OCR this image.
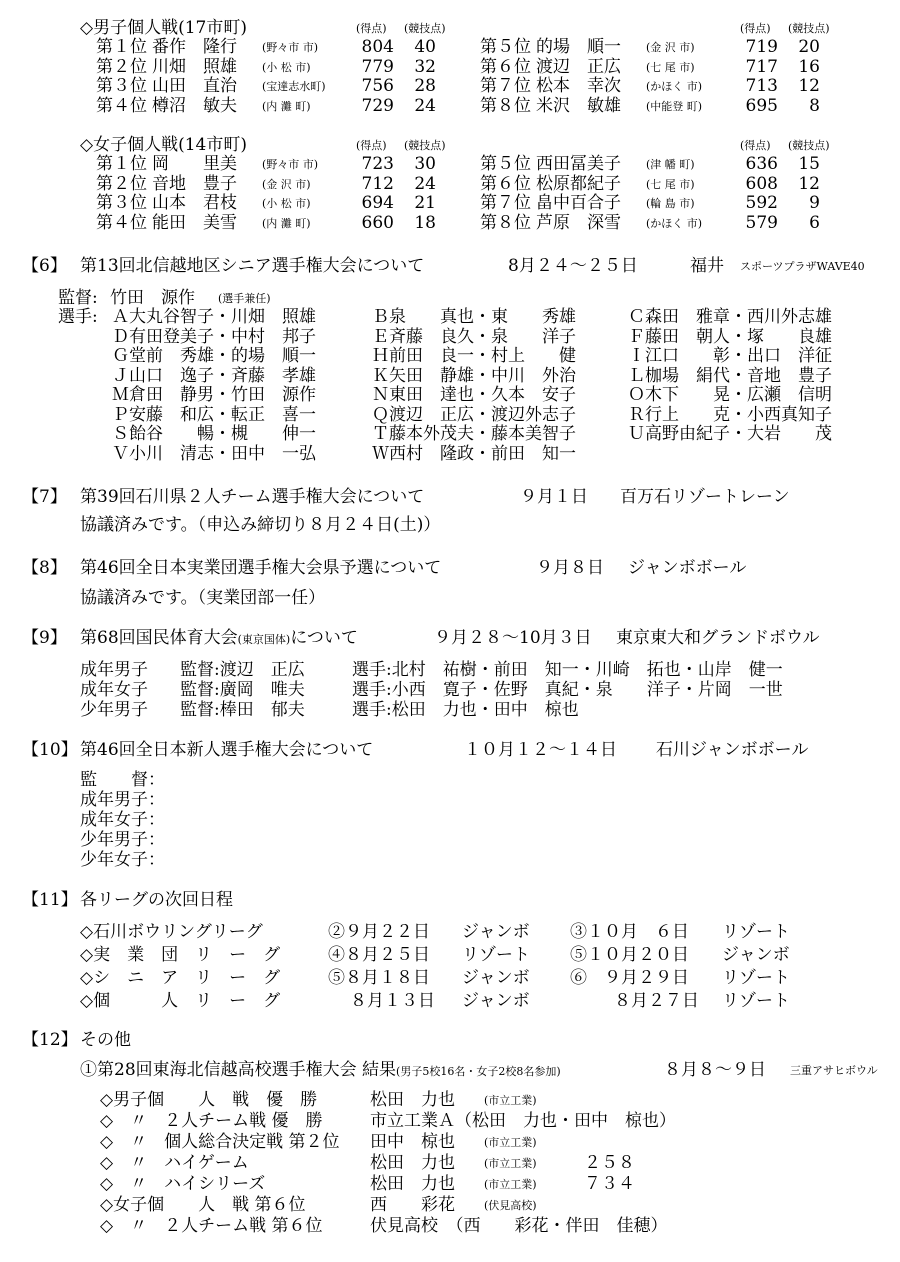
◇男子個人戦(17市町)	(得点) (競技点)	(得点) (競技点)
第１位 番作　隆行 (野々市 市)	804	40
第２位 川畑　照雄 (小 松 市)	779	32
第３位 山田　直治 (宝達志水町)	756	28
第４位 樽沼　敏夫 (内 灘 町)	729	24
第５位 的場　順一 (金 沢 市)	719	20
第６位 渡辺　正広 (七 尾 市)	717	16
第７位 松本　幸次 (かほく 市)	713	12
第８位 米沢　敏雄 (中能登 町)	695	8
◇女子個人戦(14市町)	(得点) (競技点)	(得点) (競技点)
第１位 岡　　里美 (野々市 市)	723	30
第２位 音地　豊子 (金 沢 市)	712	24
第３位 山本　君枝 (小 松 市)	694	21
第４位 能田　美雪 (内 灘 町)	660	18
第５位 西田冨美子 (津 幡 町)	636	15
第６位 松原都紀子 (七 尾 市)	608	12
第７位 畠中百合子 (輪 島 市)	592	9
第８位 芦原　深雪 (かほく 市)	579	6
【6】 第13回北信越地区シニア選手権大会について	8月２４～２５日	福井 スポーツプラザWAVE40
監督: 竹田　源作 (選手兼任)
選手: Ａ大丸谷智子・川畑　照雄	Ｂ泉　　真也・東　　秀雄	Ｃ森田　雅章・西川外志雄
Ｄ有田登美子・中村　邦子	Ｅ斉藤　良久・泉　　洋子	Ｆ藤田　朝人・塚　　良雄
Ｇ堂前　秀雄・的場　順一	Ｈ前田　良一・村上　　健	Ｉ江口　　彰・出口　洋征
Ｊ山口　逸子・斉藤　孝雄	Ｋ矢田　静雄・中川　外治	Ｌ枷場　絹代・音地　豊子
Ｍ倉田　静男・竹田　源作	Ｎ東田　達也・久本　安子	Ｏ木下　　晃・広瀬　信明
Ｐ安藤　和広・転正　喜一	Ｑ渡辺　正広・渡辺外志子	Ｒ行上　　克・小西真知子
Ｓ飴谷　　暢・槻　　伸一	Ｔ藤本外茂夫・藤本美智子	Ｕ高野由紀子・大岩　　茂
Ｖ小川　清志・田中　一弘	Ｗ西村　隆政・前田　知一
【7】 第39回石川県２人チーム選手権大会について	９月１日 百万石リゾートレーン
協議済みです。（申込み締切り８月２４日(土)）
【8】 第46回全日本実業団選手権大会県予選について	９月８日 ジャンボボール
協議済みです。（実業団部一任）
【9】 第68回国民体育大会(東京国体)について	９月２８～10月３日 東京東大和グランドボウル
成年男子 監督:渡辺　正広	選手:北村　祐樹・前田　知一・川崎　拓也・山岸　健一
成年女子 監督:廣岡　唯夫	選手:小西　寛子・佐野　真紀・泉　　洋子・片岡　一世
少年男子 監督:棒田　郁夫	選手:松田　力也・田中　椋也
【10】 第46回全日本新人選手権大会について	１０月１２～１４日 石川ジャンボボール
監　　督：
成年男子：
成年女子：
少年男子：
少年女子：
【11】 各リーグの次回日程
◇石川ボウリングリーグ	②９月２２日 ジャンボ ③１０月　６日 リゾート
◇実　業　団　リ　ー　グ	④８月２５日 リゾート ⑤１０月２０日 ジャンボ
◇シ　ニ　ア　リ　ー　グ	⑤８月１８日 ジャンボ ⑥　９月２９日 リゾート
◇個　　　人　リ　ー　グ	８月１３日 ジャンボ	８月２７日 リゾート
【12】 その他
①第28回東海北信越高校選手権大会 結果(男子5校16名・女子2校8名参加)	８月８～９日 三重アサヒボウル
◇男子個　　人　戦　優　勝	松田　力也	(市立工業)
◇　〃　２人チーム戦 優　勝	市立工業Ａ（松田　力也・田中　椋也）
◇　〃　個人総合決定戦 第２位 田中　椋也	(市立工業)
◇　〃　ハイゲーム	松田　力也	(市立工業)	２５８
◇　〃　ハイシリーズ	松田　力也	(市立工業)	７３４
◇女子個　　人　戦 第６位	西　　彩花	(伏見高校)
◇　〃　２人チーム戦 第６位	伏見高校　（西　　彩花・伴田　佳穂）
